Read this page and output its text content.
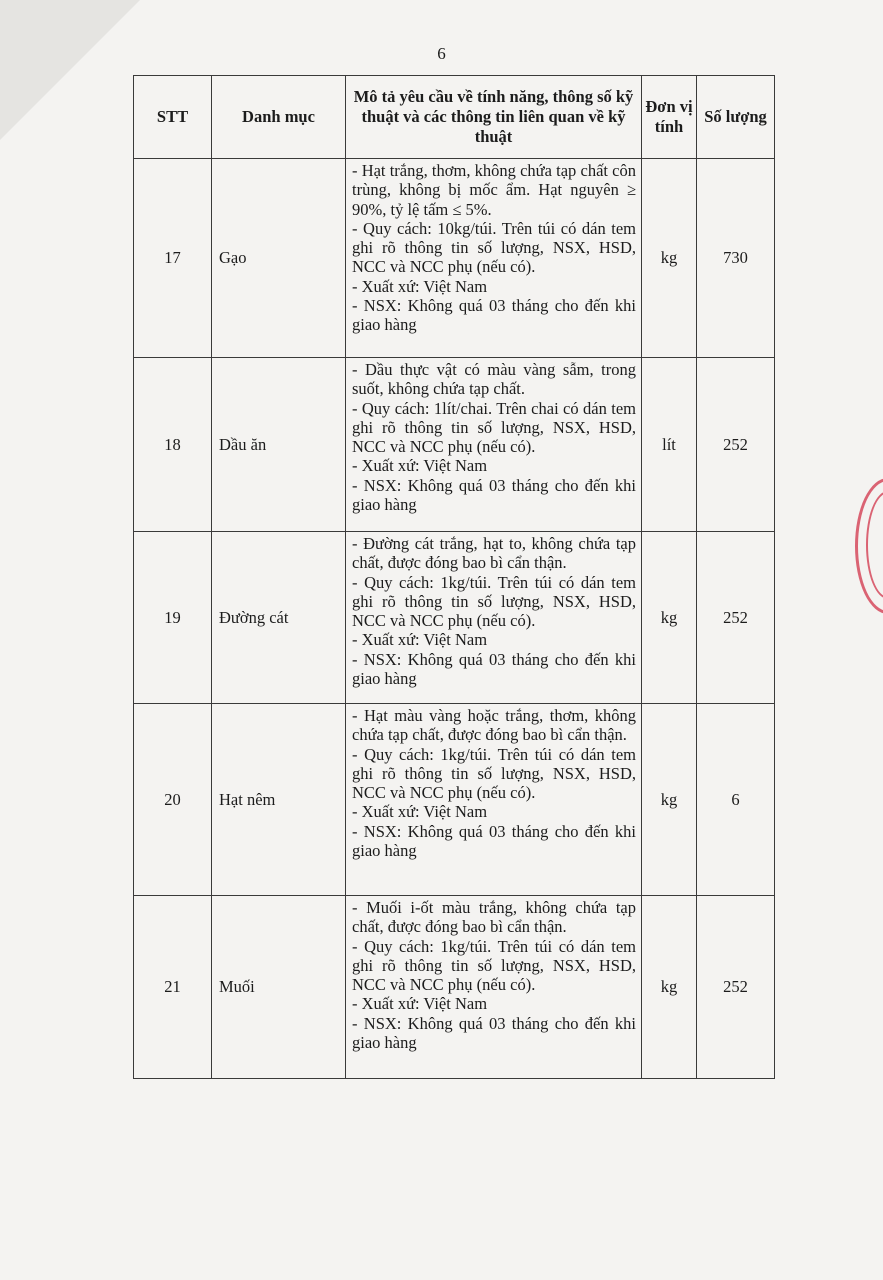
6
STT	Danh mục	Mô tả yêu cầu về tính năng, thông số kỹ thuật và các thông tin liên quan về kỹ thuật	Đơn vị tính	Số lượng
17	Gạo	- Hạt trắng, thơm, không chứa tạp chất côn trùng, không bị mốc ẩm. Hạt nguyên ≥ 90%, tỷ lệ tấm ≤ 5%.
- Quy cách: 10kg/túi. Trên túi có dán tem ghi rõ thông tin số lượng, NSX, HSD, NCC và NCC phụ (nếu có).
- Xuất xứ: Việt Nam
- NSX: Không quá 03 tháng cho đến khi giao hàng	kg	730
18	Dầu ăn	- Dầu thực vật có màu vàng sẫm, trong suốt, không chứa tạp chất.
- Quy cách: 1lít/chai. Trên chai có dán tem ghi rõ thông tin số lượng, NSX, HSD, NCC và NCC phụ (nếu có).
- Xuất xứ: Việt Nam
- NSX: Không quá 03 tháng cho đến khi giao hàng	lít	252
19	Đường cát	- Đường cát trắng, hạt to, không chứa tạp chất, được đóng bao bì cẩn thận.
- Quy cách: 1kg/túi. Trên túi có dán tem ghi rõ thông tin số lượng, NSX, HSD, NCC và NCC phụ (nếu có).
- Xuất xứ: Việt Nam
- NSX: Không quá 03 tháng cho đến khi giao hàng	kg	252
20	Hạt nêm	- Hạt màu vàng hoặc trắng, thơm, không chứa tạp chất, được đóng bao bì cẩn thận.
- Quy cách: 1kg/túi. Trên túi có dán tem ghi rõ thông tin số lượng, NSX, HSD, NCC và NCC phụ (nếu có).
- Xuất xứ: Việt Nam
- NSX: Không quá 03 tháng cho đến khi giao hàng	kg	6
21	Muối	- Muối i-ốt màu trắng, không chứa tạp chất, được đóng bao bì cẩn thận.
- Quy cách: 1kg/túi. Trên túi có dán tem ghi rõ thông tin số lượng, NSX, HSD, NCC và NCC phụ (nếu có).
- Xuất xứ: Việt Nam
- NSX: Không quá 03 tháng cho đến khi giao hàng	kg	252
